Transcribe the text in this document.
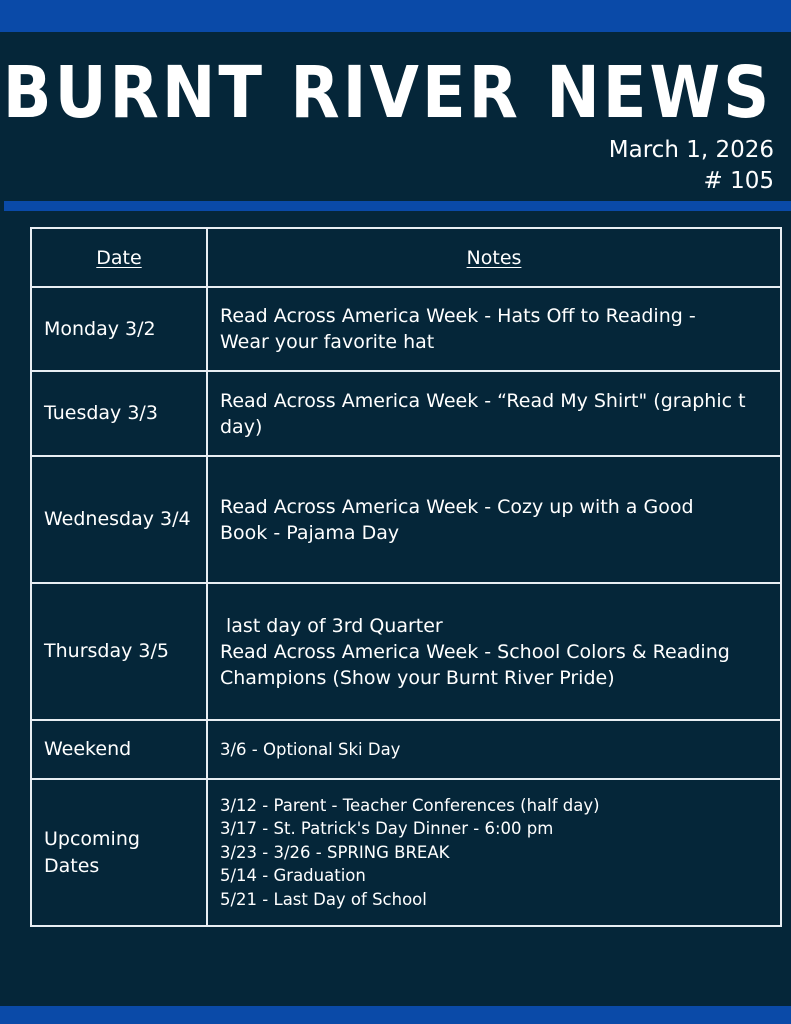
BURNT RIVER NEWS
March 1, 2026
# 105
Date	Notes
Monday 3/2	Read Across America Week - Hats Off to Reading -
Wear your favorite hat

Tuesday 3/3	Read Across America Week - “Read My Shirt" (graphic t
day)

Wednesday 3/4	Read Across America Week - Cozy up with a Good
Book - Pajama Day

Thursday 3/5	last day of 3rd Quarter
Read Across America Week - School Colors & Reading
Champions (Show your Burnt River Pride)

Weekend	3/6 - Optional Ski Day

Upcoming Dates	3/12 - Parent - Teacher Conferences (half day)
3/17 - St. Patrick's Day Dinner - 6:00 pm
3/23 - 3/26 - SPRING BREAK
5/14 - Graduation
5/21 - Last Day of School
